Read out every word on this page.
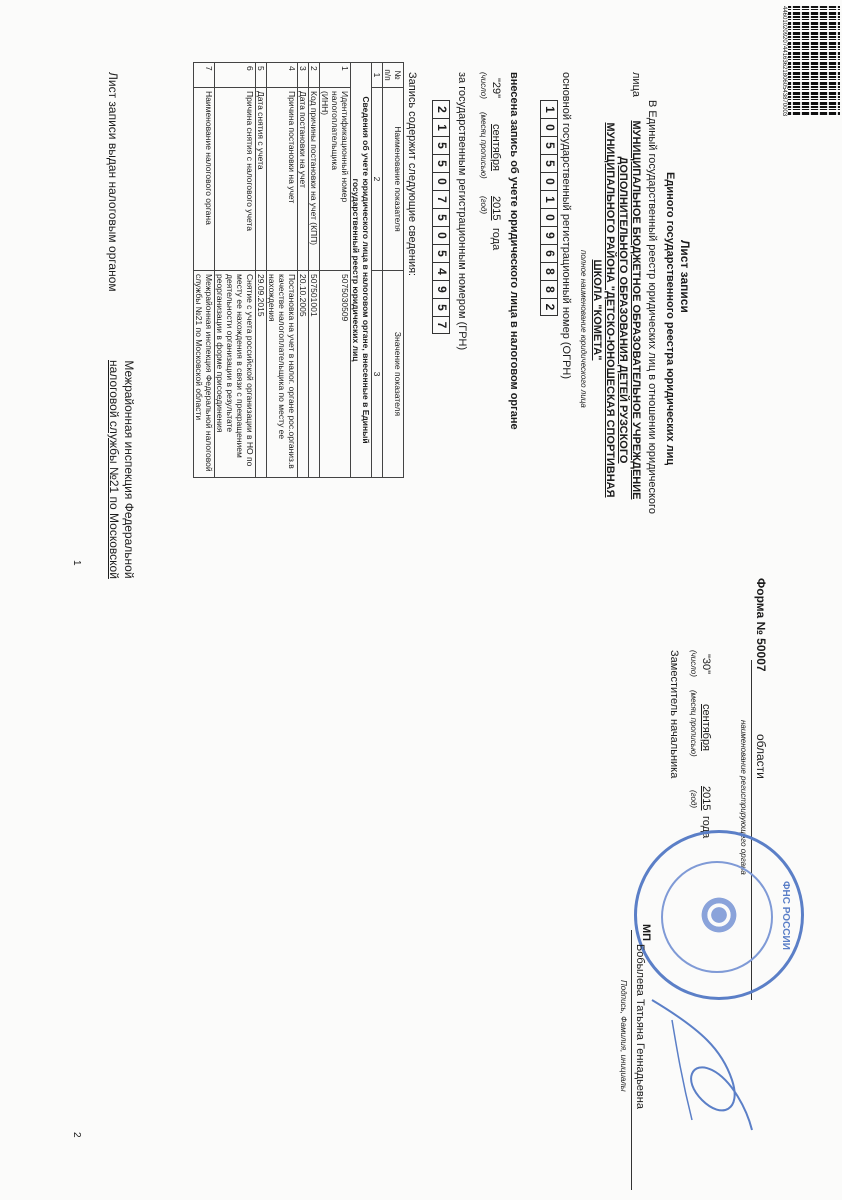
446010209207441636218060543870003
Форма № 50007
Лист записи
Единого государственного реестра юридических лиц
В Единый государственный реестр юридических лиц в отношении юридического
лица
МУНИЦИПАЛЬНОЕ БЮДЖЕТНОЕ ОБРАЗОВАТЕЛЬНОЕ УЧРЕЖДЕНИЕ
ДОПОЛНИТЕЛЬНОГО ОБРАЗОВАНИЯ ДЕТЕЙ РУЗСКОГО
МУНИЦИПАЛЬНОГО РАЙОНА "ДЕТСКО-ЮНОШЕСКАЯ СПОРТИВНАЯ
ШКОЛА "КОМЕТА"
полное наименование юридического лица
основной государственный регистрационный номер (ОГРН)
1
0
5
5
0
1
0
9
6
8
8
2
внесена запись об учете юридического лица в налоговом органе
"29"
сентября
2015
года
(число)
(месяц прописью)
(год)
за государственным регистрационным номером (ГРН)
2
1
5
5
0
7
5
0
5
4
9
5
7
Запись содержит следующие сведения:
№ п/п	Наименование показателя	Значение показателя
1	2	3
Сведения об учете юридического лица в налоговом органе, внесенные в Единый государственный реестр юридических лиц		
1	Идентификационный номер налогоплательщика
(ИНН)	5075030509

2	Код причины постановки на учет (КПП)	507501001

3	Дата постановки на учет	20.10.2005

4	Причина постановки на учет	Постановка на учет в налог. органе рос.организ.в
качестве налогоплательщика по месту ее
нахождения

5	Дата снятия с учета	29.09.2015

6	Причина снятия с налогового учета	Снятие с учета российской организации в НО по
месту ее нахождения в связи с прекращением
деятельности организации в результате
реорганизации в форме присоединения

7	Наименование налогового органа	Межрайонная инспекция Федеральной налоговой
службы №21 по Московской области
Лист записи выдан налоговым органом
Межрайонная инспекция Федеральной
налоговой службы №21 по Московской
области
наименование регистрирующего органа
"30"
сентября
2015
года
(число)
(месяц прописью)
(год)
Заместитель начальника
МП	ФНС РОССИИ
Бобылева Татьяна Геннадьевна
Подпись, Фамилия, инициалы
1
2
